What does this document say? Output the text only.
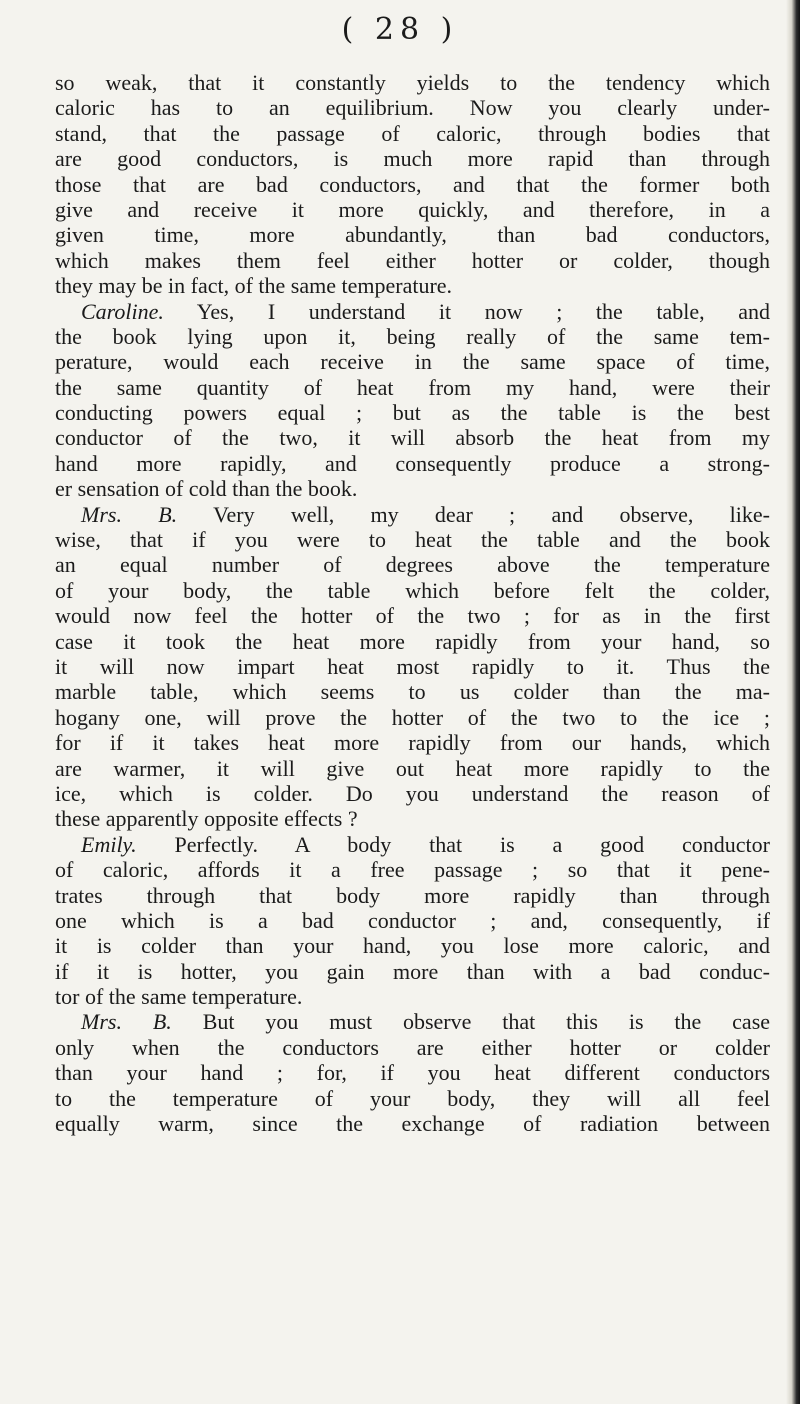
( 28 )
so weak, that it constantly yields to the tendency which
caloric has to an equilibrium. Now you clearly under-
stand, that the passage of caloric, through bodies that
are good conductors, is much more rapid than through
those that are bad conductors, and that the former both
give and receive it more quickly, and therefore, in a
given time, more abundantly, than bad conductors,
which makes them feel either hotter or colder, though
they may be in fact, of the same temperature.
Caroline. Yes, I understand it now ; the table, and
the book lying upon it, being really of the same tem-
perature, would each receive in the same space of time,
the same quantity of heat from my hand, were their
conducting powers equal ; but as the table is the best
conductor of the two, it will absorb the heat from my
hand more rapidly, and consequently produce a strong-
er sensation of cold than the book.
Mrs. B. Very well, my dear ; and observe, like-
wise, that if you were to heat the table and the book
an equal number of degrees above the temperature
of your body, the table which before felt the colder,
would now feel the hotter of the two ; for as in the first
case it took the heat more rapidly from your hand, so
it will now impart heat most rapidly to it. Thus the
marble table, which seems to us colder than the ma-
hogany one, will prove the hotter of the two to the ice ;
for if it takes heat more rapidly from our hands, which
are warmer, it will give out heat more rapidly to the
ice, which is colder. Do you understand the reason of
these apparently opposite effects ?
Emily. Perfectly. A body that is a good conductor
of caloric, affords it a free passage ; so that it pene-
trates through that body more rapidly than through
one which is a bad conductor ; and, consequently, if
it is colder than your hand, you lose more caloric, and
if it is hotter, you gain more than with a bad conduc-
tor of the same temperature.
Mrs. B. But you must observe that this is the case
only when the conductors are either hotter or colder
than your hand ; for, if you heat different conductors
to the temperature of your body, they will all feel
equally warm, since the exchange of radiation between
